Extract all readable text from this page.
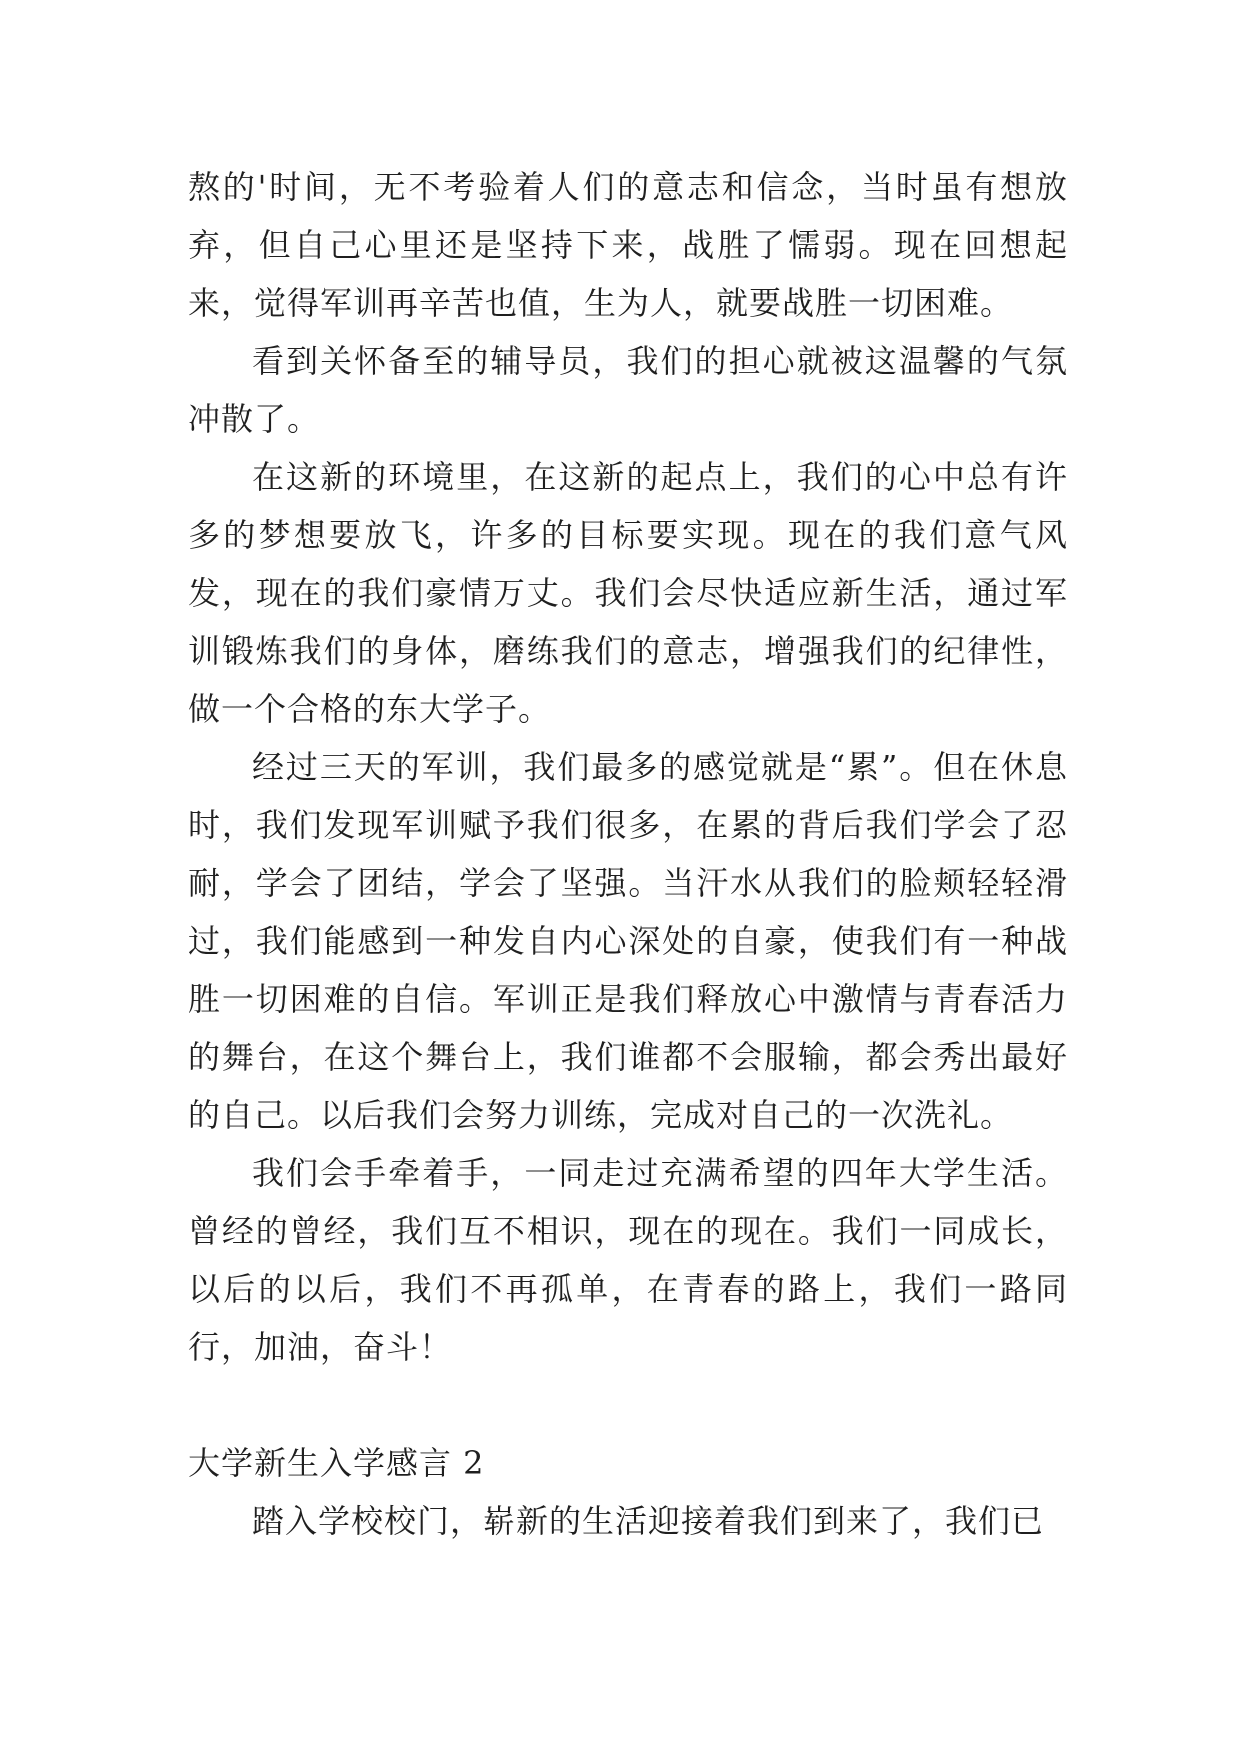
熬的'时间，无不考验着人们的意志和信念，当时虽有想放弃，但自己心里还是坚持下来，战胜了懦弱。现在回想起来，觉得军训再辛苦也值，生为人，就要战胜一切困难。

看到关怀备至的辅导员，我们的担心就被这温馨的气氛冲散了。

在这新的环境里，在这新的起点上，我们的心中总有许多的梦想要放飞，许多的目标要实现。现在的我们意气风发，现在的我们豪情万丈。我们会尽快适应新生活，通过军训锻炼我们的身体，磨练我们的意志，增强我们的纪律性，做一个合格的东大学子。

经过三天的军训，我们最多的感觉就是“累”。但在休息时，我们发现军训赋予我们很多，在累的背后我们学会了忍耐，学会了团结，学会了坚强。当汗水从我们的脸颊轻轻滑过，我们能感到一种发自内心深处的自豪，使我们有一种战胜一切困难的自信。军训正是我们释放心中激情与青春活力的舞台，在这个舞台上，我们谁都不会服输，都会秀出最好的自己。以后我们会努力训练，完成对自己的一次洗礼。

我们会手牵着手，一同走过充满希望的四年大学生活。曾经的曾经，我们互不相识，现在的现在。我们一同成长，以后的以后，我们不再孤单，在青春的路上，我们一路同行，加油，奋斗！

大学新生入学感言 2

踏入学校校门，崭新的生活迎接着我们到来了，我们已
